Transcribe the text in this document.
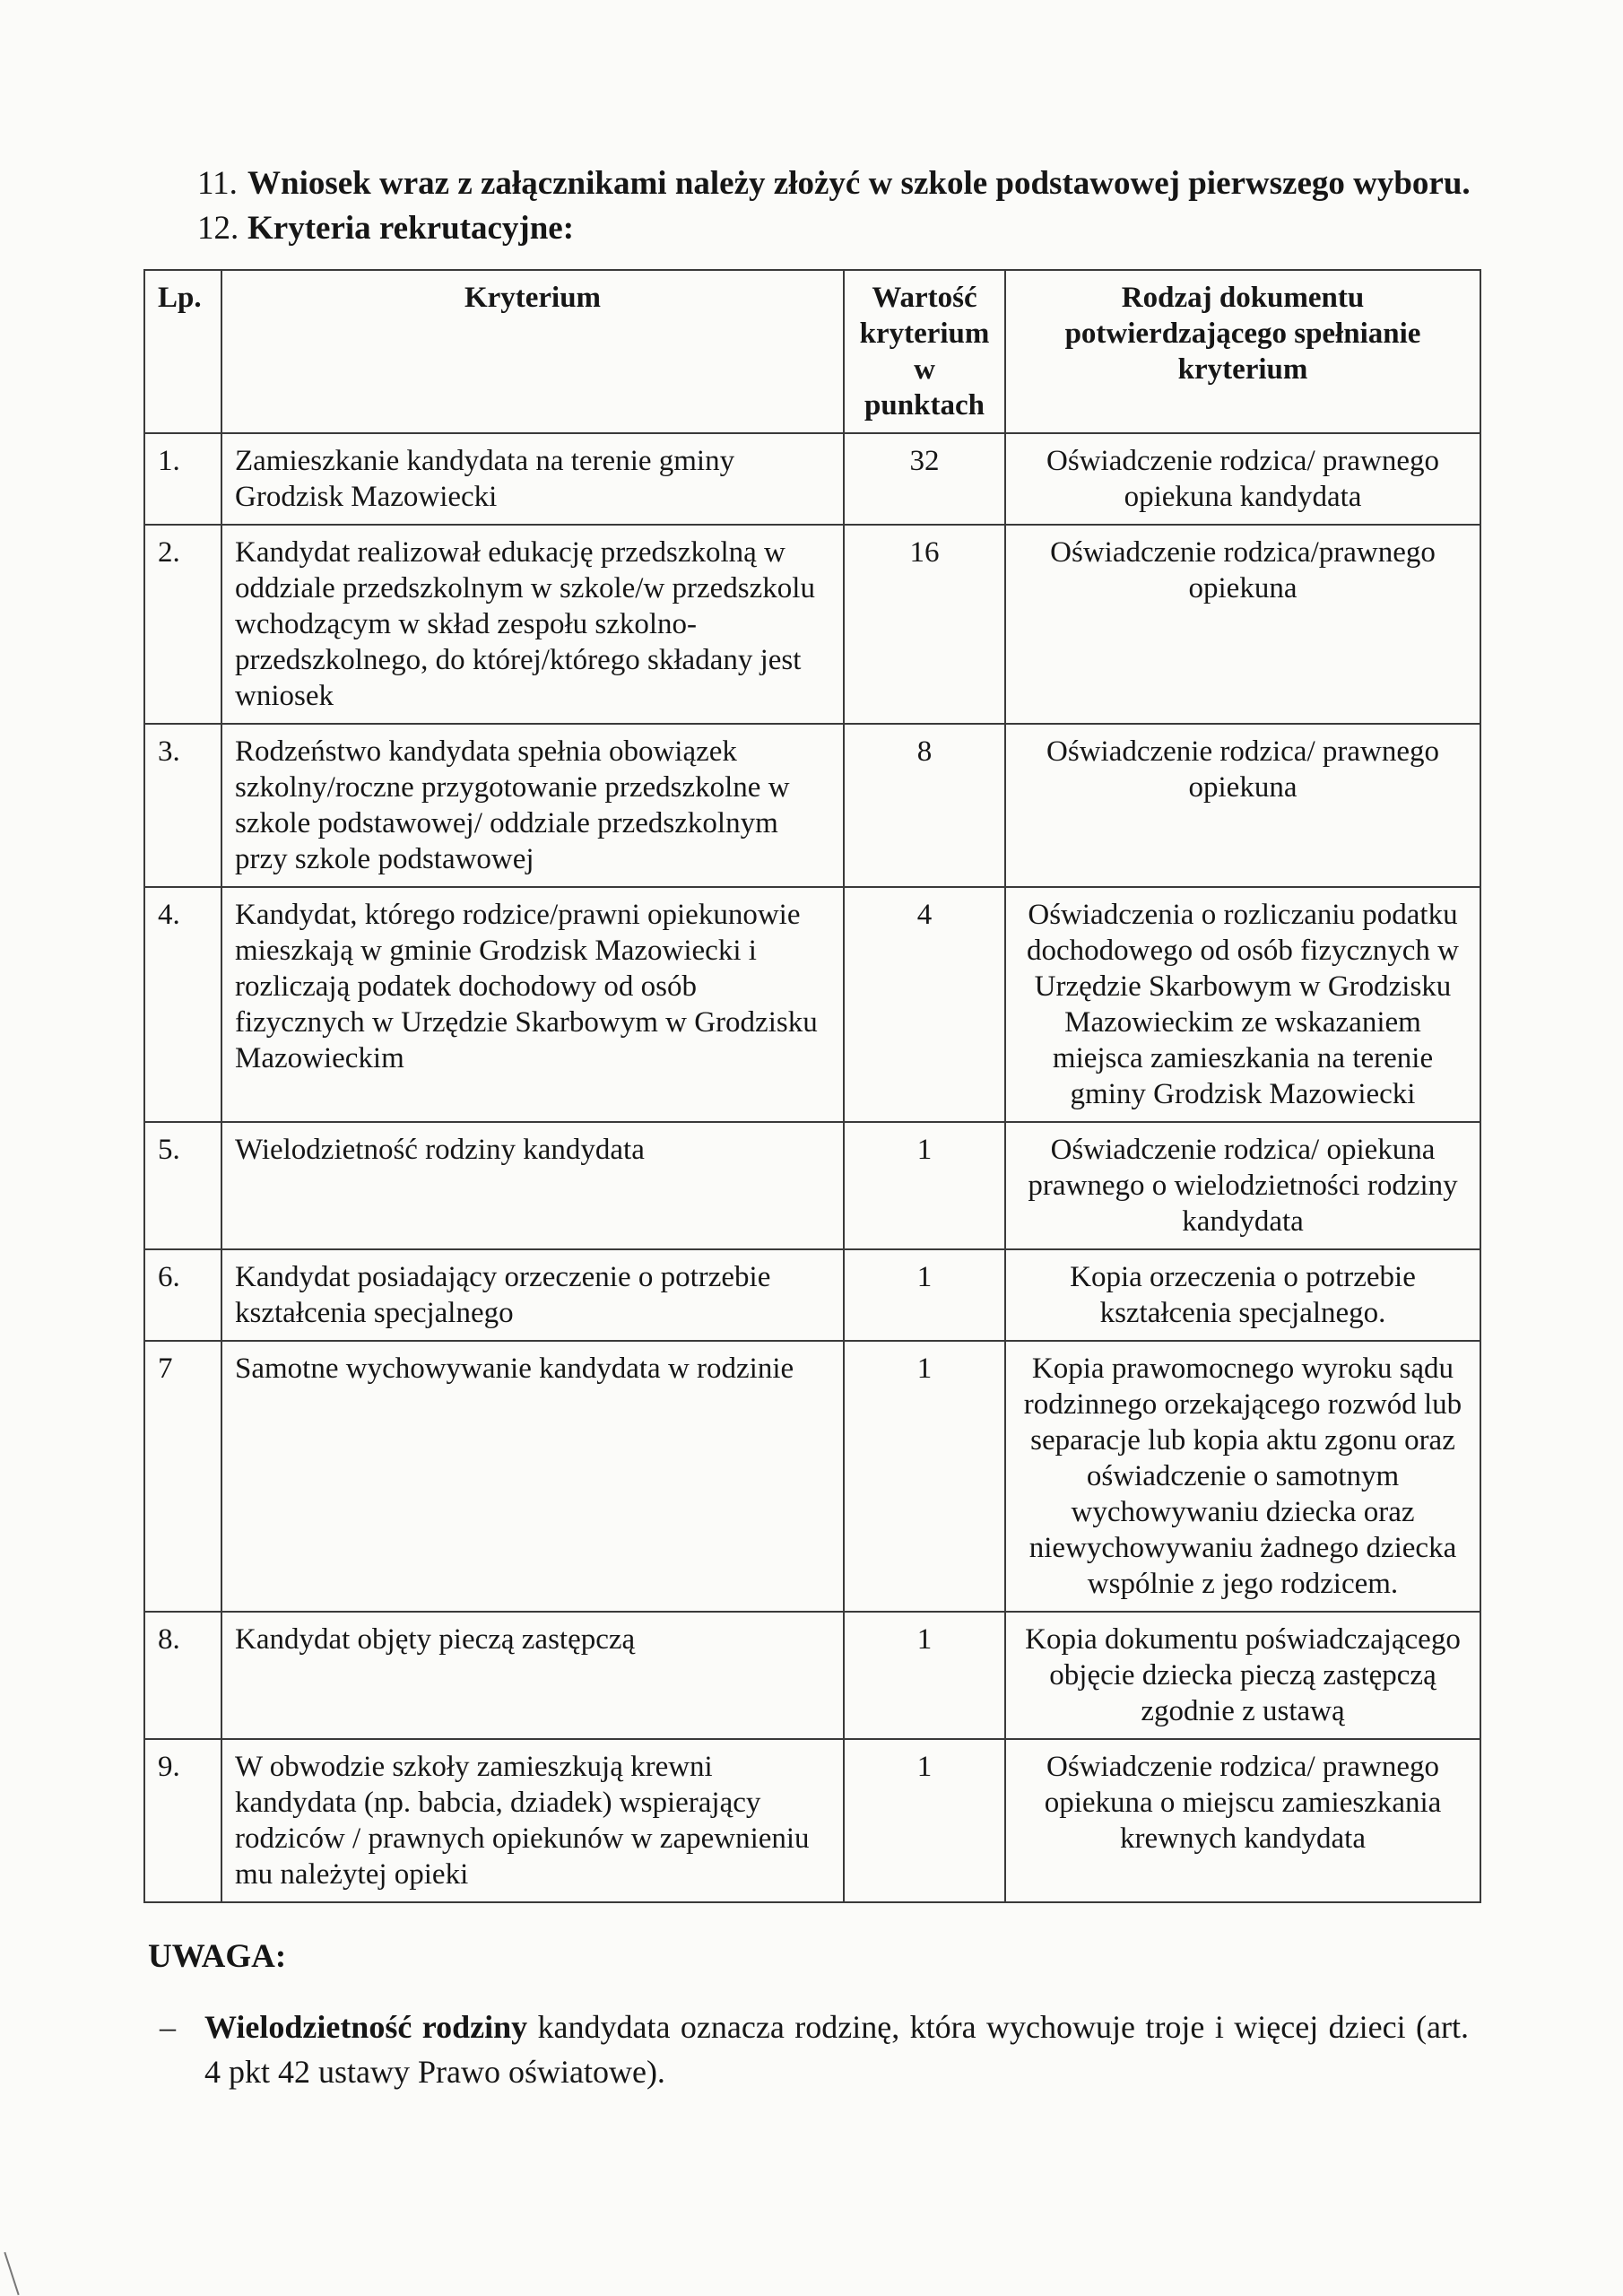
11. Wniosek wraz z załącznikami należy złożyć w szkole podstawowej pierwszego wyboru.
12. Kryteria rekrutacyjne:
Lp.	Kryterium	Wartość kryterium w punktach	Rodzaj dokumentu potwierdzającego spełnianie kryterium
1.	Zamieszkanie kandydata na terenie gminy Grodzisk Mazowiecki	32	Oświadczenie rodzica/ prawnego opiekuna kandydata
2.	Kandydat realizował edukację przedszkolną w oddziale przedszkolnym w szkole/w przedszkolu wchodzącym w skład zespołu szkolno-przedszkolnego, do której/którego składany jest wniosek	16	Oświadczenie rodzica/prawnego opiekuna
3.	Rodzeństwo kandydata spełnia obowiązek szkolny/roczne przygotowanie przedszkolne w szkole podstawowej/ oddziale przedszkolnym przy szkole podstawowej	8	Oświadczenie rodzica/ prawnego opiekuna
4.	Kandydat, którego rodzice/prawni opiekunowie mieszkają w gminie Grodzisk Mazowiecki i rozliczają podatek dochodowy od osób fizycznych w Urzędzie Skarbowym w Grodzisku Mazowieckim	4	Oświadczenia o rozliczaniu podatku dochodowego od osób fizycznych w Urzędzie Skarbowym w Grodzisku Mazowieckim ze wskazaniem miejsca zamieszkania na terenie gminy Grodzisk Mazowiecki
5.	Wielodzietność rodziny kandydata	1	Oświadczenie rodzica/ opiekuna prawnego o wielodzietności rodziny kandydata
6.	Kandydat posiadający orzeczenie o potrzebie kształcenia specjalnego	1	Kopia orzeczenia o potrzebie kształcenia specjalnego.
7	Samotne wychowywanie kandydata w rodzinie	1	Kopia prawomocnego wyroku sądu rodzinnego orzekającego rozwód lub separacje lub kopia aktu zgonu oraz oświadczenie o samotnym wychowywaniu dziecka oraz niewychowywaniu żadnego dziecka wspólnie z jego rodzicem.
8.	Kandydat objęty pieczą zastępczą	1	Kopia dokumentu poświadczającego objęcie dziecka pieczą zastępczą zgodnie z ustawą
9.	W obwodzie szkoły zamieszkują krewni kandydata (np. babcia, dziadek) wspierający rodziców / prawnych opiekunów w zapewnieniu mu należytej opieki	1	Oświadczenie rodzica/ prawnego opiekuna o miejscu zamieszkania krewnych kandydata
UWAGA:
– Wielodzietność rodziny kandydata oznacza rodzinę, która wychowuje troje i więcej dzieci (art. 4 pkt 42 ustawy Prawo oświatowe).
